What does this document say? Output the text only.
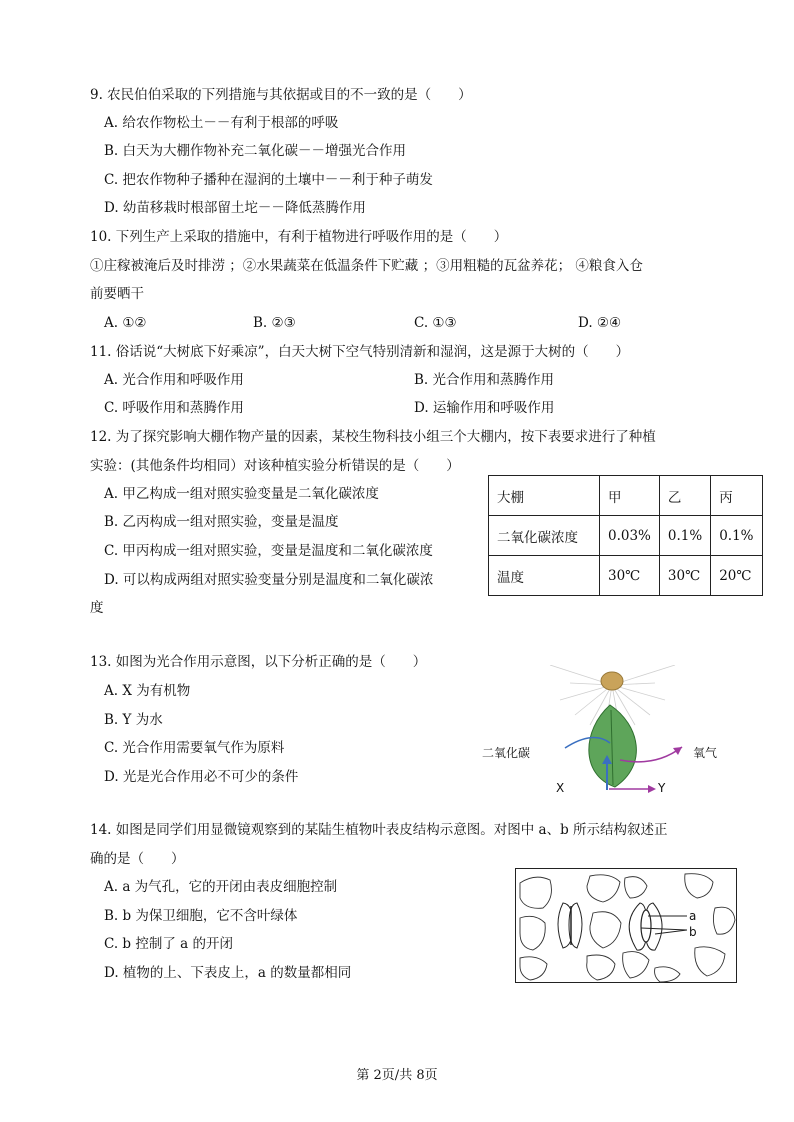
9. 农民伯伯采取的下列措施与其依据或目的不一致的是（　　）
A. 给农作物松土－－有利于根部的呼吸
B. 白天为大棚作物补充二氧化碳－－增强光合作用
C. 把农作物种子播种在湿润的土壤中－－利于种子萌发
D. 幼苗移栽时根部留土坨－－降低蒸腾作用
10. 下列生产上采取的措施中，有利于植物进行呼吸作用的是（　　）
①庄稼被淹后及时排涝 ；②水果蔬菜在低温条件下贮藏 ；③用粗糙的瓦盆养花； ④粮食入仓
前要晒干
A. ①②	B. ②③	C. ①③	D. ②④
11. 俗话说“大树底下好乘凉”，白天大树下空气特别清新和湿润，这是源于大树的（　　）
A. 光合作用和呼吸作用	B. 光合作用和蒸腾作用
C. 呼吸作用和蒸腾作用	D. 运输作用和呼吸作用
12. 为了探究影响大棚作物产量的因素，某校生物科技小组三个大棚内，按下表要求进行了种植
实验：(其他条件均相同）对该种植实验分析错误的是（　　）
A. 甲乙构成一组对照实验变量是二氧化碳浓度
B. 乙丙构成一组对照实验，变量是温度
C. 甲丙构成一组对照实验，变量是温度和二氧化碳浓度
D. 可以构成两组对照实验变量分别是温度和二氧化碳浓
度
大棚	甲	乙	丙
二氧化碳浓度	0.03%	0.1%	0.1%
温度	30℃	30℃	20℃
13. 如图为光合作用示意图，以下分析正确的是（　　）
A. X 为有机物
B. Y 为水
C. 光合作用需要氧气作为原料
D. 光是光合作用必不可少的条件
二氧化碳	氧气
X	Y
14. 如图是同学们用显微镜观察到的某陆生植物叶表皮结构示意图。对图中 a、b 所示结构叙述正
确的是（　　）
A. a 为气孔，它的开闭由表皮细胞控制
B. b 为保卫细胞，它不含叶绿体
C. b 控制了 a 的开闭
D. 植物的上、下表皮上，a 的数量都相同
a
b
第 2页/共 8页
